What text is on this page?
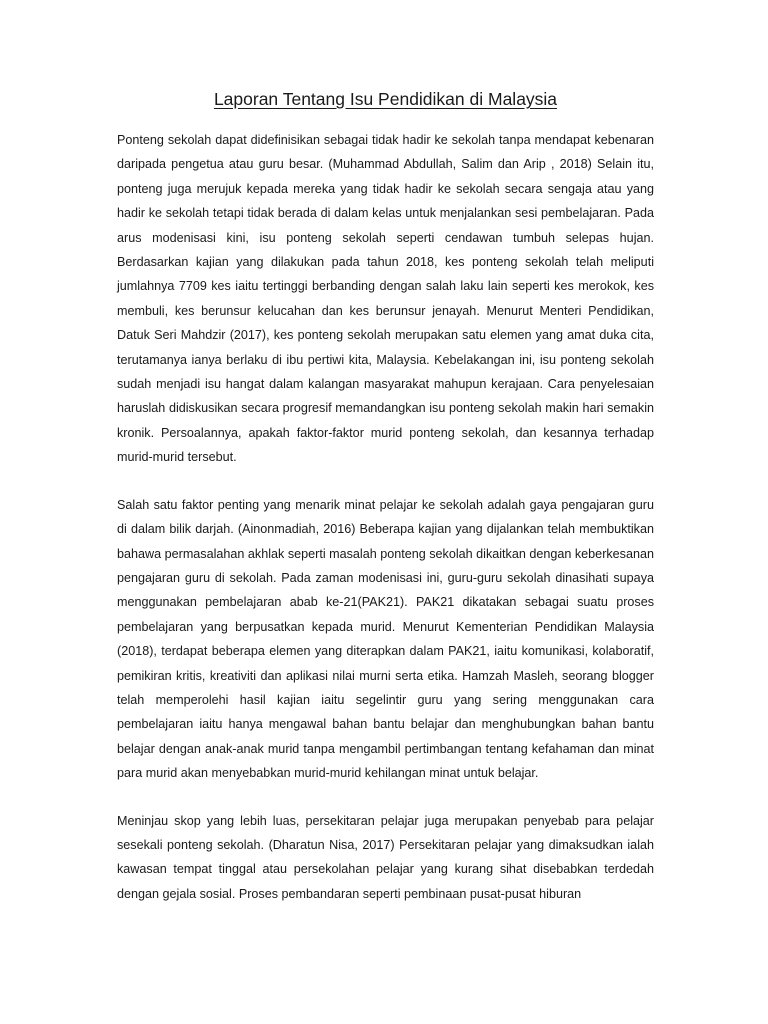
Laporan Tentang Isu Pendidikan di Malaysia

Ponteng sekolah dapat didefinisikan sebagai tidak hadir ke sekolah tanpa mendapat kebenaran daripada pengetua atau guru besar. (Muhammad Abdullah, Salim dan Arip , 2018) Selain itu, ponteng juga merujuk kepada mereka yang tidak hadir ke sekolah secara sengaja atau yang hadir ke sekolah tetapi tidak berada di dalam kelas untuk menjalankan sesi pembelajaran. Pada arus modenisasi kini, isu ponteng sekolah seperti cendawan tumbuh selepas hujan. Berdasarkan kajian yang dilakukan pada tahun 2018, kes ponteng sekolah telah meliputi jumlahnya 7709 kes iaitu tertinggi berbanding dengan salah laku lain seperti kes merokok, kes membuli, kes berunsur kelucahan dan kes berunsur jenayah. Menurut Menteri Pendidikan, Datuk Seri Mahdzir (2017), kes ponteng sekolah merupakan satu elemen yang amat duka cita, terutamanya ianya berlaku di ibu pertiwi kita, Malaysia. Kebelakangan ini, isu ponteng sekolah sudah menjadi isu hangat dalam kalangan masyarakat mahupun kerajaan. Cara penyelesaian haruslah didiskusikan secara progresif memandangkan isu ponteng sekolah makin hari semakin kronik. Persoalannya, apakah faktor-faktor murid ponteng sekolah, dan kesannya terhadap murid-murid tersebut.

Salah satu faktor penting yang menarik minat pelajar ke sekolah adalah gaya pengajaran guru di dalam bilik darjah. (Ainonmadiah, 2016) Beberapa kajian yang dijalankan telah membuktikan bahawa permasalahan akhlak seperti masalah ponteng sekolah dikaitkan dengan keberkesanan pengajaran guru di sekolah. Pada zaman modenisasi ini, guru-guru sekolah dinasihati supaya menggunakan pembelajaran abab ke-21(PAK21). PAK21 dikatakan sebagai suatu proses pembelajaran yang berpusatkan kepada murid. Menurut Kementerian Pendidikan Malaysia (2018), terdapat beberapa elemen yang diterapkan dalam PAK21, iaitu komunikasi, kolaboratif, pemikiran kritis, kreativiti dan aplikasi nilai murni serta etika. Hamzah Masleh, seorang blogger telah memperolehi hasil kajian iaitu segelintir guru yang sering menggunakan cara pembelajaran iaitu hanya mengawal bahan bantu belajar dan menghubungkan bahan bantu belajar dengan anak-anak murid tanpa mengambil pertimbangan tentang kefahaman dan minat para murid akan menyebabkan murid-murid kehilangan minat untuk belajar.

Meninjau skop yang lebih luas, persekitaran pelajar juga merupakan penyebab para pelajar sesekali ponteng sekolah. (Dharatun Nisa, 2017) Persekitaran pelajar yang dimaksudkan ialah kawasan tempat tinggal atau persekolahan pelajar yang kurang sihat disebabkan terdedah dengan gejala sosial. Proses pembandaran seperti pembinaan pusat-pusat hiburan
